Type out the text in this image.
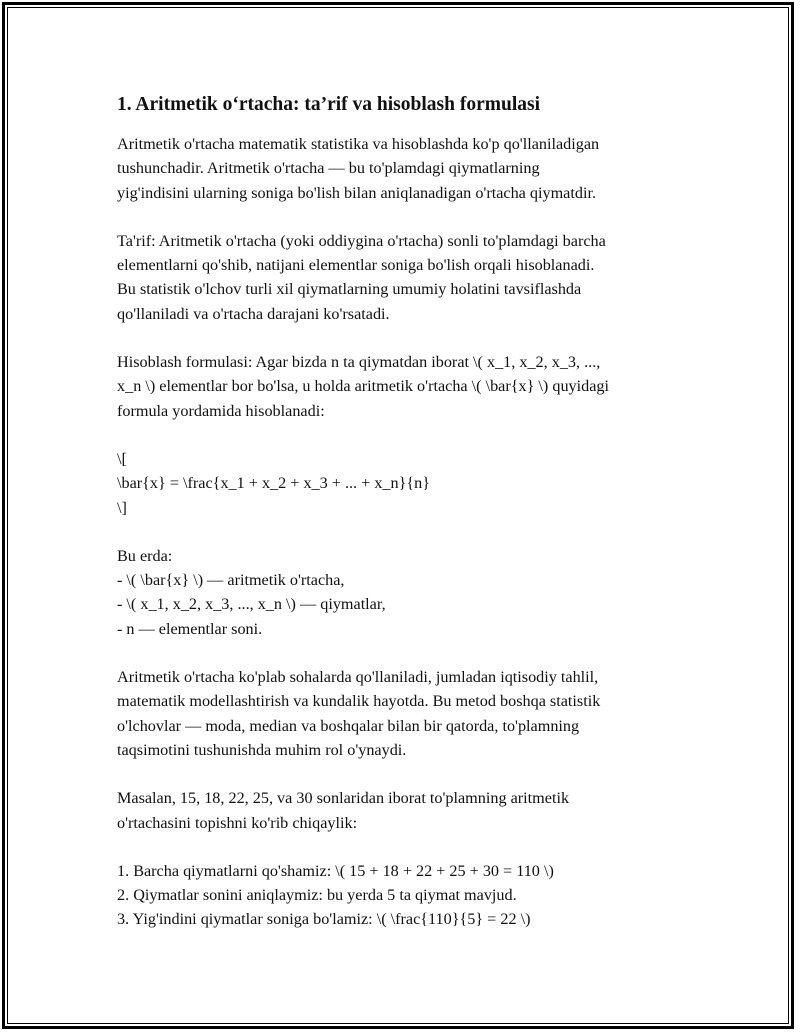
1. Aritmetik o‘rtacha: ta’rif va hisoblash formulasi

Aritmetik o'rtacha matematik statistika va hisoblashda ko'p qo'llaniladigan
tushunchadir. Aritmetik o'rtacha — bu to'plamdagi qiymatlarning
yig'indisini ularning soniga bo'lish bilan aniqlanadigan o'rtacha qiymatdir.

Ta'rif: Aritmetik o'rtacha (yoki oddiygina o'rtacha) sonli to'plamdagi barcha
elementlarni qo'shib, natijani elementlar soniga bo'lish orqali hisoblanadi.
Bu statistik o'lchov turli xil qiymatlarning umumiy holatini tavsiflashda
qo'llaniladi va o'rtacha darajani ko'rsatadi.

Hisoblash formulasi: Agar bizda n ta qiymatdan iborat \( x_1, x_2, x_3, ...,
x_n \) elementlar bor bo'lsa, u holda aritmetik o'rtacha \( \bar{x} \) quyidagi
formula yordamida hisoblanadi:

\[
\bar{x} = \frac{x_1 + x_2 + x_3 + ... + x_n}{n}
\]

Bu erda:
- \( \bar{x} \) — aritmetik o'rtacha,
- \( x_1, x_2, x_3, ..., x_n \) — qiymatlar,
- n — elementlar soni.

Aritmetik o'rtacha ko'plab sohalarda qo'llaniladi, jumladan iqtisodiy tahlil,
matematik modellashtirish va kundalik hayotda. Bu metod boshqa statistik
o'lchovlar — moda, median va boshqalar bilan bir qatorda, to'plamning
taqsimotini tushunishda muhim rol o'ynaydi.

Masalan, 15, 18, 22, 25, va 30 sonlaridan iborat to'plamning aritmetik
o'rtachasini topishni ko'rib chiqaylik:

1. Barcha qiymatlarni qo'shamiz: \( 15 + 18 + 22 + 25 + 30 = 110 \)
2. Qiymatlar sonini aniqlaymiz: bu yerda 5 ta qiymat mavjud.
3. Yig'indini qiymatlar soniga bo'lamiz: \( \frac{110}{5} = 22 \)
